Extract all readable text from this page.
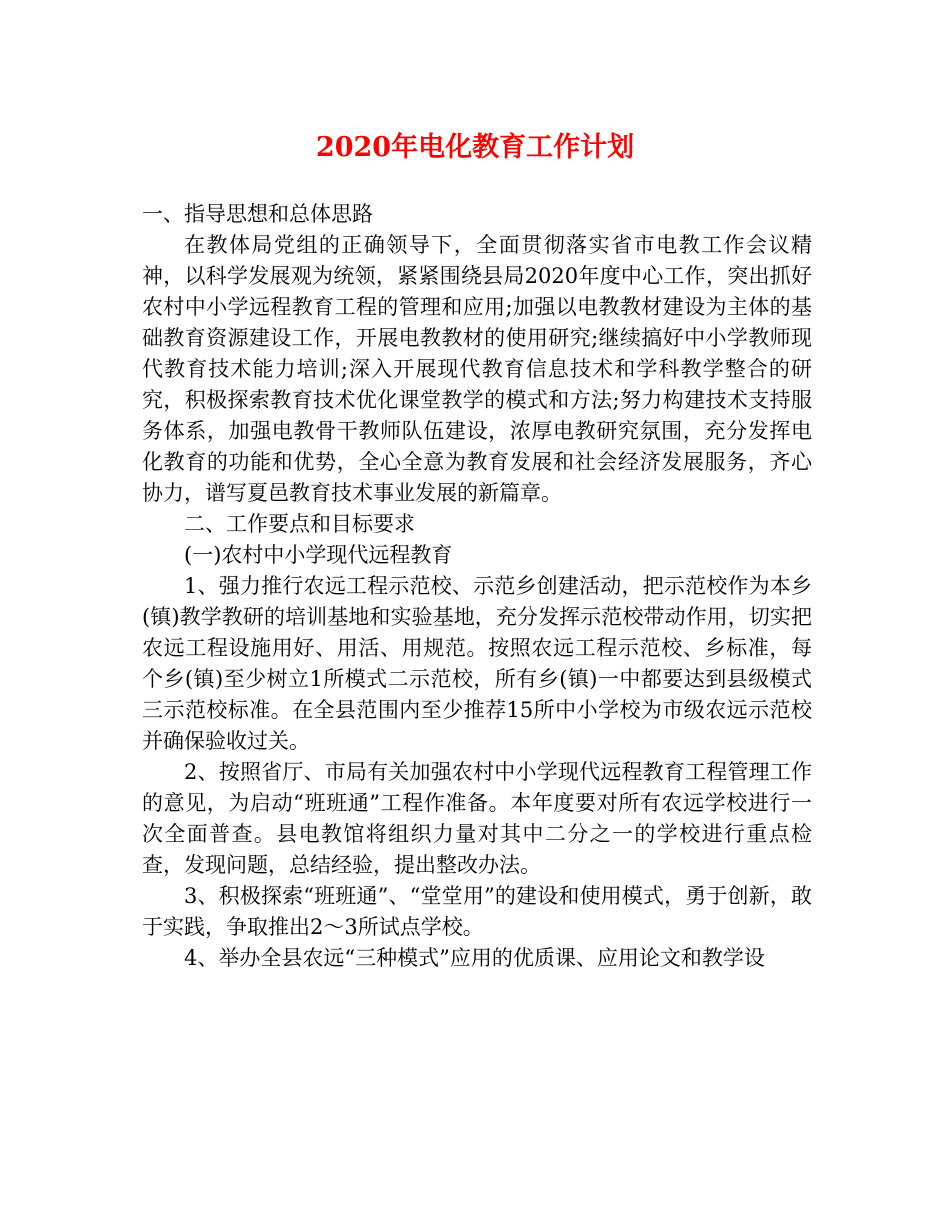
2020年电化教育工作计划

一、指导思想和总体思路

在教体局党组的正确领导下，全面贯彻落实省市电教工作会议精神，以科学发展观为统领，紧紧围绕县局2020年度中心工作，突出抓好农村中小学远程教育工程的管理和应用;加强以电教教材建设为主体的基础教育资源建设工作，开展电教教材的使用研究;继续搞好中小学教师现代教育技术能力培训;深入开展现代教育信息技术和学科教学整合的研究，积极探索教育技术优化课堂教学的模式和方法;努力构建技术支持服务体系，加强电教骨干教师队伍建设，浓厚电教研究氛围，充分发挥电化教育的功能和优势，全心全意为教育发展和社会经济发展服务，齐心协力，谱写夏邑教育技术事业发展的新篇章。

二、工作要点和目标要求

(一)农村中小学现代远程教育

1、强力推行农远工程示范校、示范乡创建活动，把示范校作为本乡(镇)教学教研的培训基地和实验基地，充分发挥示范校带动作用，切实把农远工程设施用好、用活、用规范。按照农远工程示范校、乡标准，每个乡(镇)至少树立1所模式二示范校，所有乡(镇)一中都要达到县级模式三示范校标准。在全县范围内至少推荐15所中小学校为市级农远示范校并确保验收过关。

2、按照省厅、市局有关加强农村中小学现代远程教育工程管理工作的意见，为启动“班班通”工程作准备。本年度要对所有农远学校进行一次全面普查。县电教馆将组织力量对其中二分之一的学校进行重点检查，发现问题，总结经验，提出整改办法。

3、积极探索“班班通”、“堂堂用”的建设和使用模式，勇于创新，敢于实践，争取推出2～3所试点学校。

4、举办全县农远“三种模式”应用的优质课、应用论文和教学设
